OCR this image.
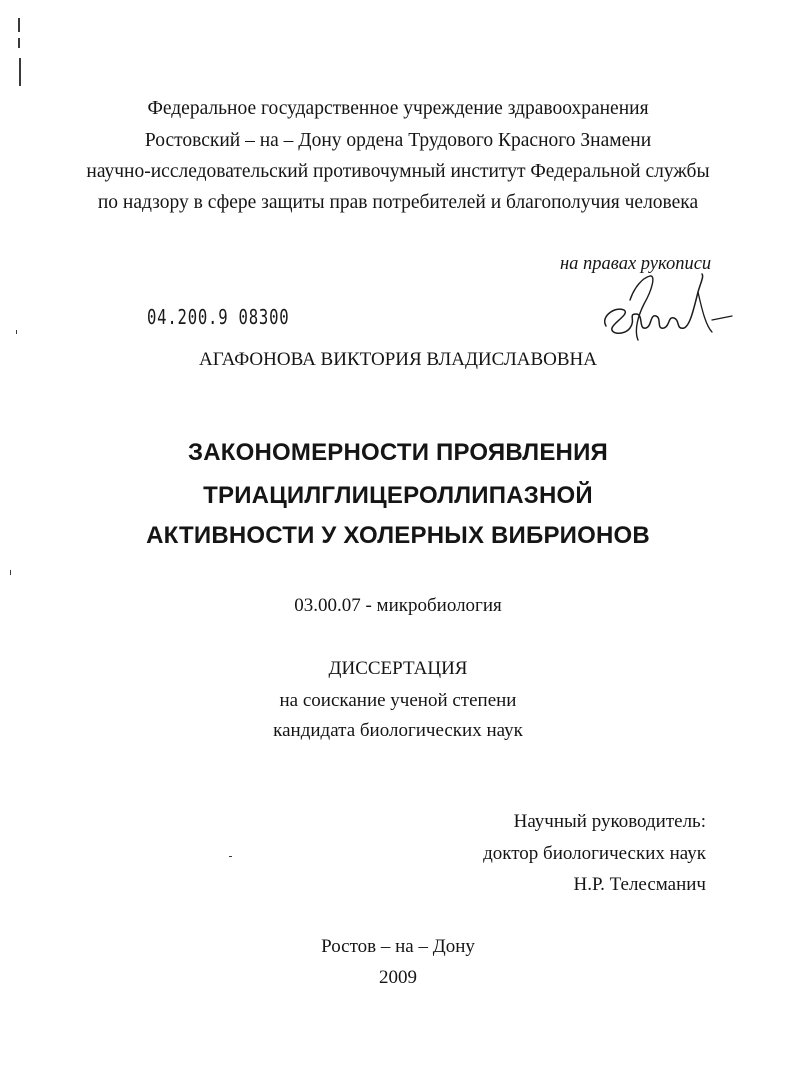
Федеральное государственное учреждение здравоохранения
Ростовский – на – Дону ордена Трудового Красного Знамени
научно-исследовательский противочумный институт Федеральной службы
по надзору в сфере защиты прав потребителей и благополучия человека
на правах рукописи
04.200.9 08300
АГАФОНОВА ВИКТОРИЯ ВЛАДИСЛАВОВНА
ЗАКОНОМЕРНОСТИ ПРОЯВЛЕНИЯ
ТРИАЦИЛГЛИЦЕРОЛЛИПАЗНОЙ
АКТИВНОСТИ У ХОЛЕРНЫХ ВИБРИОНОВ
03.00.07 - микробиология
ДИССЕРТАЦИЯ
на соискание ученой степени
кандидата биологических наук
Научный руководитель:
доктор биологических наук
Н.Р. Телесманич
Ростов – на – Дону
2009
